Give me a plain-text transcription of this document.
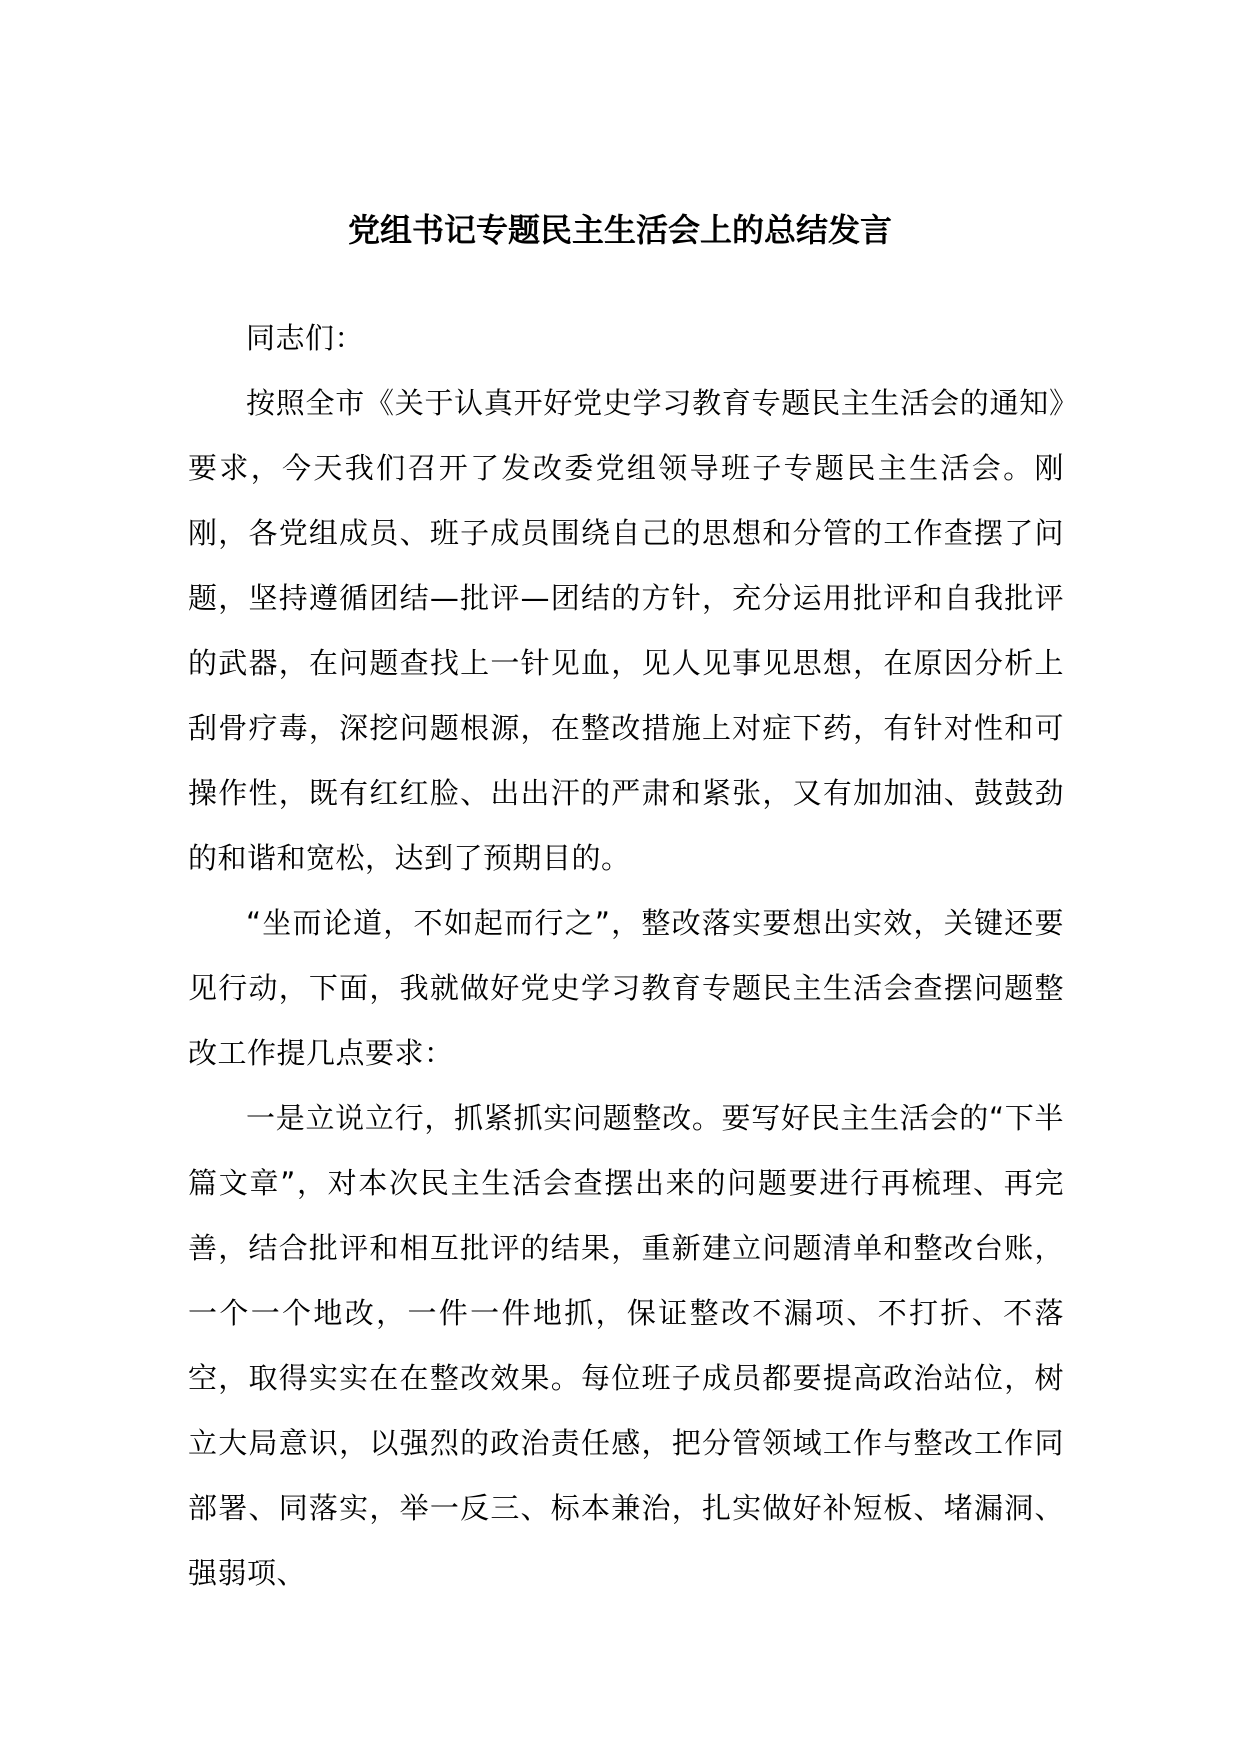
党组书记专题民主生活会上的总结发言

同志们：

按照全市《关于认真开好党史学习教育专题民主生活会的通知》要求，今天我们召开了发改委党组领导班子专题民主生活会。刚刚，各党组成员、班子成员围绕自己的思想和分管的工作查摆了问题，坚持遵循团结—批评—团结的方针，充分运用批评和自我批评的武器，在问题查找上一针见血，见人见事见思想，在原因分析上刮骨疗毒，深挖问题根源，在整改措施上对症下药，有针对性和可操作性，既有红红脸、出出汗的严肃和紧张，又有加加油、鼓鼓劲的和谐和宽松，达到了预期目的。

“坐而论道，不如起而行之”，整改落实要想出实效，关键还要见行动，下面，我就做好党史学习教育专题民主生活会查摆问题整改工作提几点要求：

一是立说立行，抓紧抓实问题整改。要写好民主生活会的“下半篇文章”，对本次民主生活会查摆出来的问题要进行再梳理、再完善，结合批评和相互批评的结果，重新建立问题清单和整改台账，一个一个地改，一件一件地抓，保证整改不漏项、不打折、不落空，取得实实在在整改效果。每位班子成员都要提高政治站位，树立大局意识，以强烈的政治责任感，把分管领域工作与整改工作同部署、同落实，举一反三、标本兼治，扎实做好补短板、堵漏洞、强弱项、
